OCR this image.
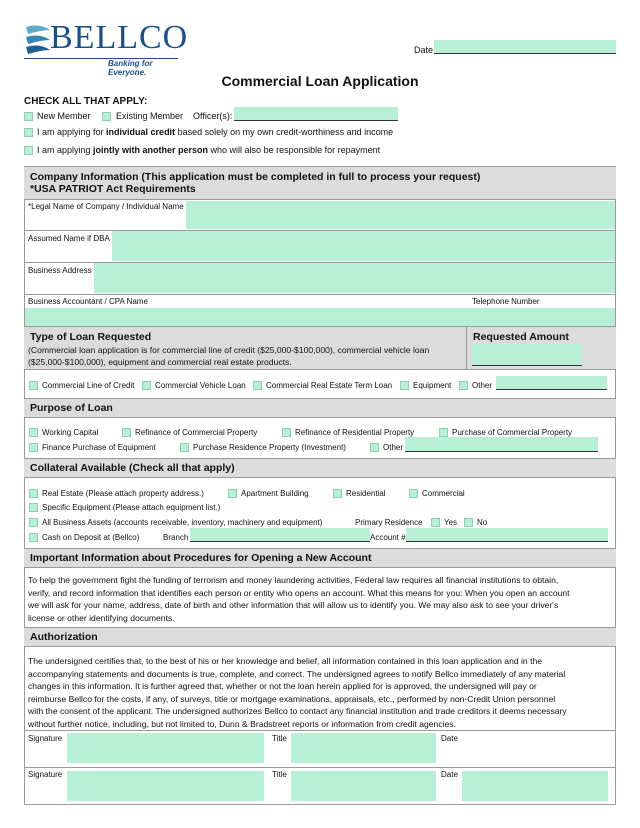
BELLCO
Banking for Everyone.
Date
Commercial Loan Application
CHECK ALL THAT APPLY:
New Member	Existing Member Officer(s):
I am applying for individual credit based solely on my own credit-worthiness and income
I am applying jointly with another person who will also be responsible for repayment
Company Information (This application must be completed in full to process your request)
*USA PATRIOT Act Requirements
*Legal Name of Company / Individual Name
Assumed Name if DBA
Business Address
Business Accountant / CPA Name	Telephone Number
Type of Loan Requested
(Commercial loan application is for commercial line of credit ($25,000-$100,000), commercial vehicle loan ($25,000-$100,000), equipment and commercial real estate products.
Requested Amount
Commercial Line of Credit	Commercial Vehicle Loan	Commercial Real Estate Term Loan	Equipment	Other
Purpose of Loan
Working Capital	Refinance of Commercial Property	Refinance of Residential Property	Purchase of Commercial Property
Finance Purchase of Equipment	Purchase Residence Property (Investment)	Other
Collateral Available (Check all that apply)
Real Estate (Please attach property address.)	Apartment Building	Residential	Commercial
Specific Equipment (Please attach equipment list.)
All Business Assets (accounts receivable, inventory, machinery and equipment)	Primary Residence	Yes No
Cash on Deposit at (Bellco)	Branch	Account #
Important Information about Procedures for Opening a New Account
To help the government fight the funding of terrorism and money laundering activities, Federal law requires all financial institutions to obtain,
verify, and record information that identifies each person or entity who opens an account. What this means for you: When you open an account
we will ask for your name, address, date of birth and other information that will allow us to identify you. We may also ask to see your driver's
license or other identifying documents.
Authorization
The undersigned certifies that, to the best of his or her knowledge and belief, all information contained in this loan application and in the
accompanying statements and documents is true, complete, and correct. The undersigned agrees to notify Bellco immediately of any material
changes in this information. It is further agreed that, whether or not the loan herein applied for is approved, the undersigned will pay or
reimburse Bellco for the costs, if any, of surveys, title or mortgage examinations, appraisals, etc., performed by non-Credit Union personnel
with the consent of the applicant. The undersigned authorizes Bellco to contact any financial institution and trade creditors it deems necessary
without further notice, including, but not limited to, Dunn & Bradstreet reports or information from credit agencies.
Signature	Title	Date
Signature	Title	Date
